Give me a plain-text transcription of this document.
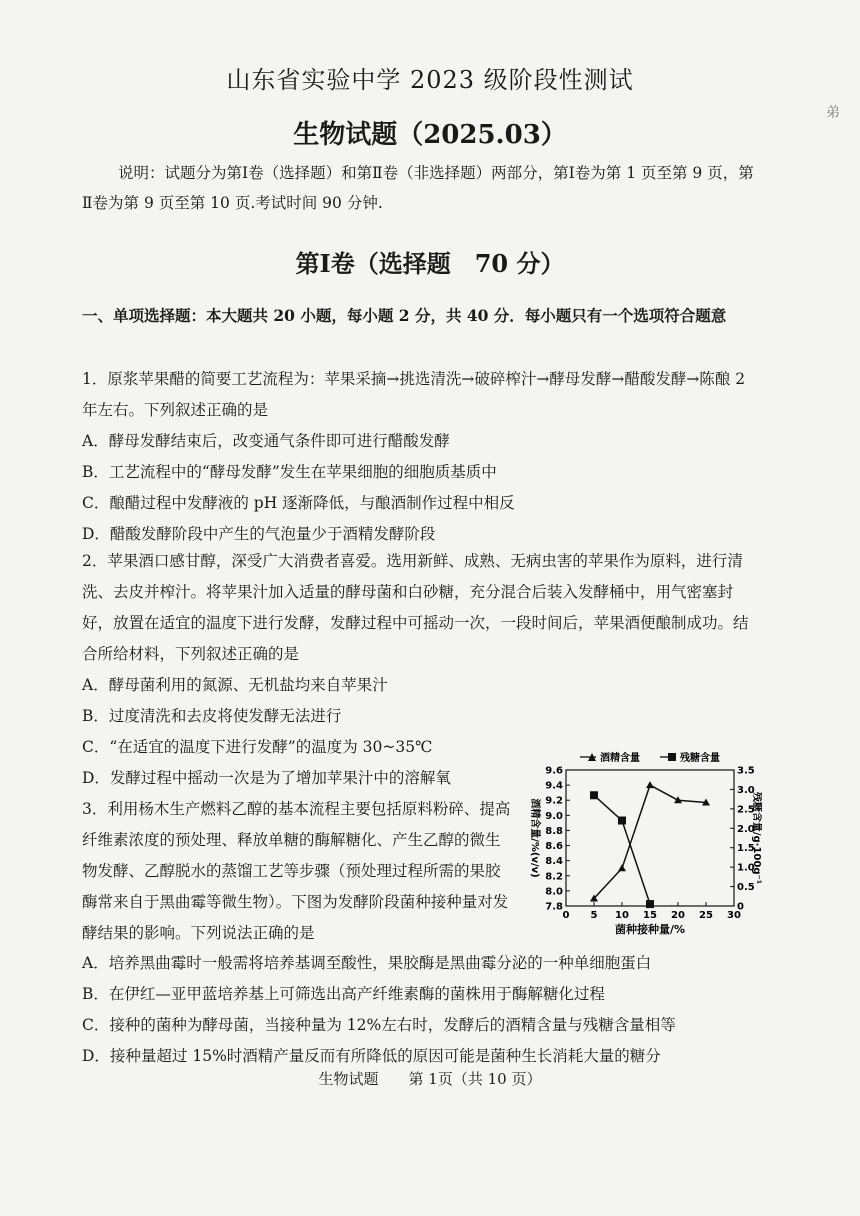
山东省实验中学 2023 级阶段性测试
生物试题（2025.03）
说明：试题分为第Ⅰ卷（选择题）和第Ⅱ卷（非选择题）两部分，第Ⅰ卷为第 1 页至第 9 页，第Ⅱ卷为第 9 页至第 10 页.考试时间 90 分钟.
弟
第Ⅰ卷（选择题　70 分）
一、单项选择题：本大题共 20 小题，每小题 2 分，共 40 分．每小题只有一个选项符合题意
1．原浆苹果醋的简要工艺流程为：苹果采摘→挑选清洗→破碎榨汁→酵母发酵→醋酸发酵→陈酿 2 年左右。下列叙述正确的是
A．酵母发酵结束后，改变通气条件即可进行醋酸发酵
B．工艺流程中的“酵母发酵”发生在苹果细胞的细胞质基质中
C．酿醋过程中发酵液的 pH 逐渐降低，与酿酒制作过程中相反
D．醋酸发酵阶段中产生的气泡量少于酒精发酵阶段
2．苹果酒口感甘醇，深受广大消费者喜爱。选用新鲜、成熟、无病虫害的苹果作为原料，进行清洗、去皮并榨汁。将苹果汁加入适量的酵母菌和白砂糖，充分混合后装入发酵桶中，用气密塞封好，放置在适宜的温度下进行发酵，发酵过程中可摇动一次，一段时间后，苹果酒便酿制成功。结合所给材料，下列叙述正确的是
A．酵母菌利用的氮源、无机盐均来自苹果汁
B．过度清洗和去皮将使发酵无法进行
C．“在适宜的温度下进行发酵”的温度为 30~35℃
D．发酵过程中摇动一次是为了增加苹果汁中的溶解氧
3．利用杨木生产燃料乙醇的基本流程主要包括原料粉碎、提高纤维素浓度的预处理、释放单糖的酶解糖化、产生乙醇的微生物发酵、乙醇脱水的蒸馏工艺等步骤（预处理过程所需的果胶酶常来自于黑曲霉等微生物）。下图为发酵阶段菌种接种量对发酵结果的影响。下列说法正确的是
A．培养黑曲霉时一般需将培养基调至酸性，果胶酶是黑曲霉分泌的一种单细胞蛋白
B．在伊红—亚甲蓝培养基上可筛选出高产纤维素酶的菌株用于酶解糖化过程
C．接种的菌种为酵母菌，当接种量为 12%左右时，发酵后的酒精含量与残糖含量相等
D．接种量超过 15%时酒精产量反而有所降低的原因可能是菌种生长消耗大量的糖分
0 5 10 15 20 25 30
7.8
8.0
8.2
8.4
8.6
8.8
9.0
9.2
9.4
9.6
0
0.5
1.0
1.5
2.0
2.5
3.0
3.5
菌种接种量/%
酒精含量/%(v/v)	残糖含量/g·100g⁻¹
酒精含量	残糖含量
生物试题　　第 1页（共 10 页）
